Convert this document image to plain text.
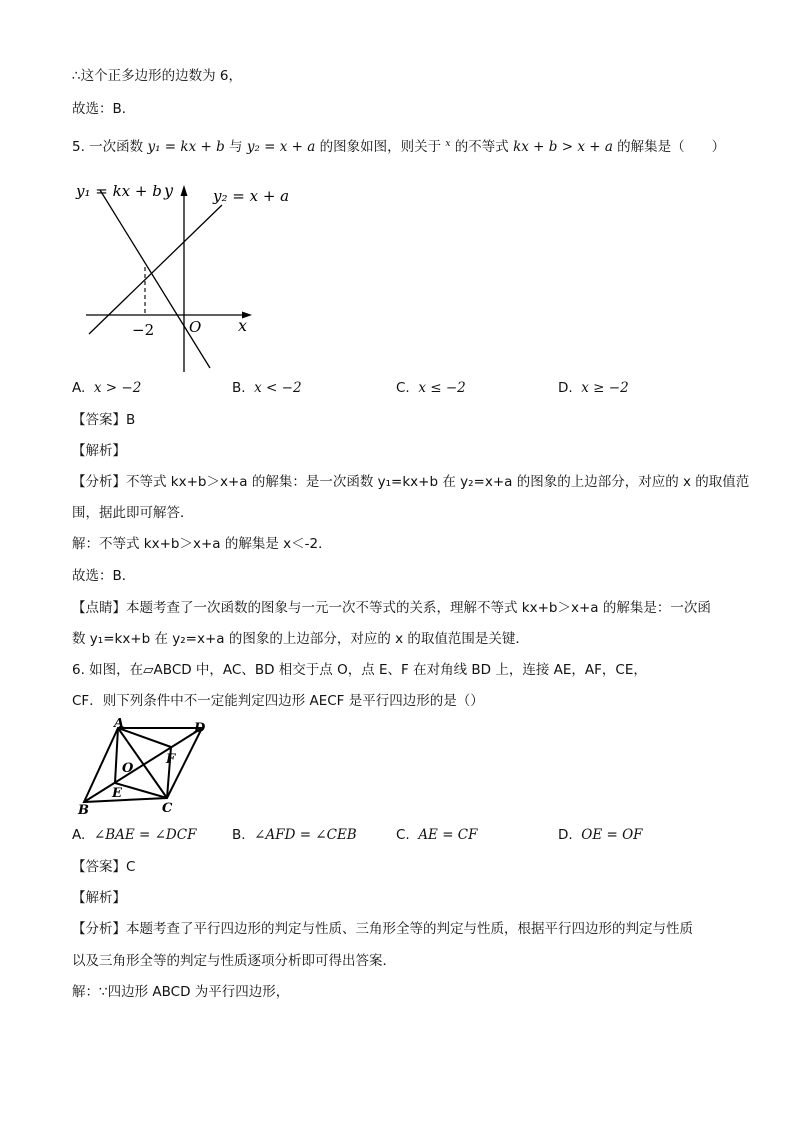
∴这个正多边形的边数为 6，
故选：B．
5. 一次函数 y₁ = kx + b 与 y₂ = x + a 的图象如图，则关于 $^x$ 的不等式 kx + b > x + a 的解集是（　　）
y₁ = kx + b y	y₂ = x + a
−2 O x
A. x > −2	B. x < −2	C. x ≤ −2	D. x ≥ −2
【答案】B
【解析】
【分析】不等式 kx+b＞x+a 的解集：是一次函数 y₁=kx+b 在 y₂=x+a 的图象的上边部分，对应的 x 的取值范
围，据此即可解答．
解：不等式 kx+b＞x+a 的解集是 x＜-2．
故选：B．
【点睛】本题考查了一次函数的图象与一元一次不等式的关系，理解不等式 kx+b＞x+a 的解集是：一次函
数 y₁=kx+b 在 y₂=x+a 的图象的上边部分，对应的 x 的取值范围是关键．
6. 如图，在▱ABCD 中，AC、BD 相交于点 O，点 E、F 在对角线 BD 上，连接 AE，AF，CE，
CF．则下列条件中不一定能判定四边形 AECF 是平行四边形的是（）
A	D
O
F
E
B	C
A. ∠BAE = ∠DCF	B. ∠AFD = ∠CEB	C. AE = CF	D. OE = OF
【答案】C
【解析】
【分析】本题考查了平行四边形的判定与性质、三角形全等的判定与性质，根据平行四边形的判定与性质
以及三角形全等的判定与性质逐项分析即可得出答案．
解：∵四边形 ABCD 为平行四边形，
